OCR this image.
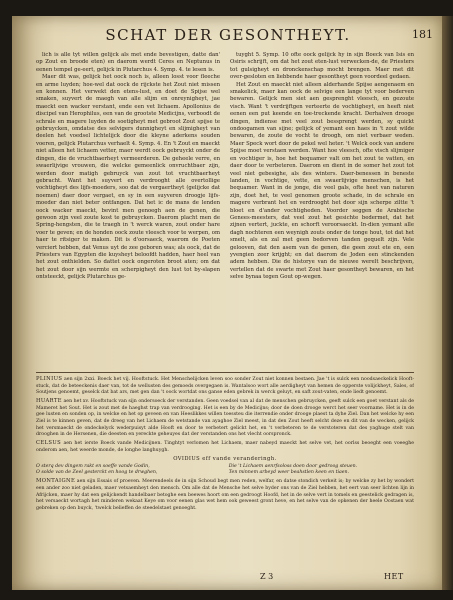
SCHAT DER GESONTHEYT.	181

lich is alle tyt willen gelijck als met ende bevestigen, datte dan' op Zout en broode eten) en daerom werdt Ceres en Neptunus in eenen tempel ge-eert, gelijck in Plutarchus 4. Symp. 4. te lesen is.

Maer dit was, gelijck het oock noch is, alleen losst voor fleeche en arme luyden; hoe-wel dat oock de rijckste het Zout niet missen en konnen. Het verwekt den etens-lust, en doet de Spijse wel smaken, suyvert de maegh van alle slijm en onreynigheyt, jae maeckt een wacker verstant, ende een vet lichaem. Apollonius de discipel van Herophilus, een van de grootste Medicijns, verboodt de schrale en magere luyden de soetigheyt met gebroot Zout spijse te gebruycken, omdatse des selvigers dunnigheyt en slijmigheyt van deelen het voedsel lichtelijck door die kleyne aderkens souden voeren, gelijck Plutarchus verhaelt 4. Symp. 4. En 't Zout en maeckt niet alleen het lichaem vetter, maer werdt oock gebruyckt onder de dingen, die de vruchtbaerheyt vermeerderen. De geheele verre, en swaerlijvige vrouwen, die welcke gemeenlick onvruchtbaer zijn, werden door matigh gebruyck van zout tot vruchtbaerheyt gebracht. Want het suyvert en verdrooght alle overtollige vochtigheyt des lijfs-moeders, soo dat de vergaertheyt (gelijcke dat noemen) daer door vergaet, en sy in een suyveren droogje lijfs-moeder dan niet beter ontfangen. Dat het ic de mans de lenden oock wacker maeckt, bevint men genoegh aen de genen, die gewoon zijn veel zoute kost te gebruycken. Daerom placht men de Spring-hengsten, die te traegh in 't werck waren, zout onder hare voer te geven; en de honden oock zoute vleesch voor te werpen, om haer te ritsiger te maken. Dit is d'oorsaeck, waerom de Poeten verciert hebben, dat Venus uyt de zee geboren was; als oock, dat de Priesters van Egypten die kuysheyt beloofdt hadden, haer heel van het zout onthielden. So dattet oock ongeroten broot aten; om dat het zout door sijn wermte en scherpigheyt den lust tot by-slapen ontsteeckt, gelijck Plutarchus ge-

tuyght 5. Symp. 10 ofte oock gelijck hy in sijn Boeck van Isis en Osiris schrijft, om dat het zout eten-lust verwecken-de, de Priesters tot gulsigheyt en dronckenschap mocht brengen. Maer met dit over-gesloten en liebbende haer gesontheyt geen voordeel gedaen.

Het Zout en maeckt niet alleen alderhande Spijse aengenaem en smakelick, maer kan oock de selvige een lange tyt voor bederven bewaren. Gelijck men siet aen gesprenght vleesch, en gezoute visch. Want 't verdrijftgen verteerte de vochtigheyt, en heeft niet eenen een put keende en toe-treckende kracht. Derhalven drooge dingen, indiense met veel zout bessprengt werden, sy quickt ondoogamen van sijne; gelijck of yemant een haes in 't zout wilde bewaren, de zoute de vocht te droogh, om niet verbaer weden. Maer Speck wort door de pekel wel heter. 't Welck oock van andere Spijse moet verstaen werden. Want hoe vleesch, ofte visch slijmiger en vochtiger is, hoe het bequamer valt om het zout te vatten, en daer door te verbeteren. Daerom en dient in de somer het zout tot veel niet gebesighe, als des winters. Daer-benessen in beneste landen, in vochtige, vette, en swaerlijvige menschen, is het bequamer. Want in de jonge, die veel gals, ofte heet van naturen zijn, doet het, te veel genomen groote schade, in de schrale en magere verbrant het en verdrooght het door sijn scherpe ziltte 't bloet en d'ander vochtigheden. Voorder seggen de Arabische Genees-meesters, dat veel zout het gesichte bedermet, dat het zijnen vertert, juckte, en schorft veroorsaeckt. In-dien yemant alle dagh nochteren een weynigh zouts onder de tonge hout, tot dat het smelt, als en zal met geen bedorven tanden gequelt zijn. Vele gelooven, dat den asem van de genen, die geen zout ete en, een yvengien zeer krijght; en dat daerom de Joden een stinckenden adem hebben. Die de historye van de nieuwe werelt beschrijven, vertellen dat de swarte met Zout haer gesontheyt bewaren, en het selve bynaa tegen Gout op-wegen.

PLINIUS aen sijn 2xxi. Boeck het vij. Hooftstuck. Het Menschelijcken leven soo sonder Zout niet konnen bestaen. Jae 't is sulck een noodsaeckelick Hooft-stuck, dat de beteeckenis daer van, tot de wellusten des gemoeds overgegaen is. Wantalsoo wort alle aerdigheyt van hemen de opperste volijckheyt, Sales, of Soutjens genoemt, geselck dat bat ars, met gen dan 't oock wortdat ons ganse eden gebrek in werck geluyt, en saft zout-vaten, ende liedt genoemt.

HUARTE aen het xv. Hooftstuck van sijn ondersoeck der verstanden. Geen voedsel van al dat de menschen gebruycken, geeft sulck een goet verstant als de Mameret het Sout. Het is zout met de haeghst trap van verdrooging. Het is een by de Medicijns; door de doen drooge werct het seer voorname. Het is in de gee lusten en sonden op, in welcke en het op geveen en van Heeslikkes willen toessteu die iterrendie onder drooge plaest ta dyhe Ziel. Dan het welcke hy een Ziel is te kinnen geven, dat de dreeg van het Lichaem de wetstande van ayaghoe Ziel meest, in dat den Zout heeft selcht deze en dit van de wecken, gelijck het versmaeckt de ondeckelyck wederpuisyt alde Hooft en door te verbetert gelickt het, en 't verbeteren te de verstoteren dat des yaghuge stelt van drooghen in de Hersenen, die deesten en yereckte geheuyes dat der verstanden ons het vlecht oorspronck.

CELSUS aen het ierste Boeck vande Medicijnen. Tinghtyt verlomen het Lichaem, maer nabeyd maeckt het selve vet, het oorlss beoeght een voeeghe onderom aen, het weerde monde, de longhe langhuygh.

OVIDIUS eff vande veranderingh.
O sterq dev dingem rakt en soeffe vande Godin,	Die 't Lichaem aenrfsoloss doen door gedroog steuen.
O solde van de Zeel gesterckt en hoog te drwghen,	Ten minnem arbeyd weer beahstlen keen en tiaen.

MONTAIGNE aen sijn Essais of proeven. Meerendeels de in sijn Schoud begt men reden, welfar, en datse stondich verkeit is; by welcke zy het by wondert een ander zoo niet geladen, maer vetsaemheyt den mensch. Om alle dat de Mensche het selve byder ons van de Ziel hebben, het eert van seer lichten lijn in Afrijcken, maer hy dat een gelijckendt handelbaer betoghe een beewes hoort om een gedroogt Hoofd, het in de selve vert in tomels en geestelick gedragen is, het versaeckt wortagh het minderen wekaat Keye om voor eenen glas wet hem ook geweest gront heve, en het selve van de opkenen der heele Oostaen wat gebreken op den buyck, 'twelck belieffen de steedelstaet genoeght.

Z 3	HET
